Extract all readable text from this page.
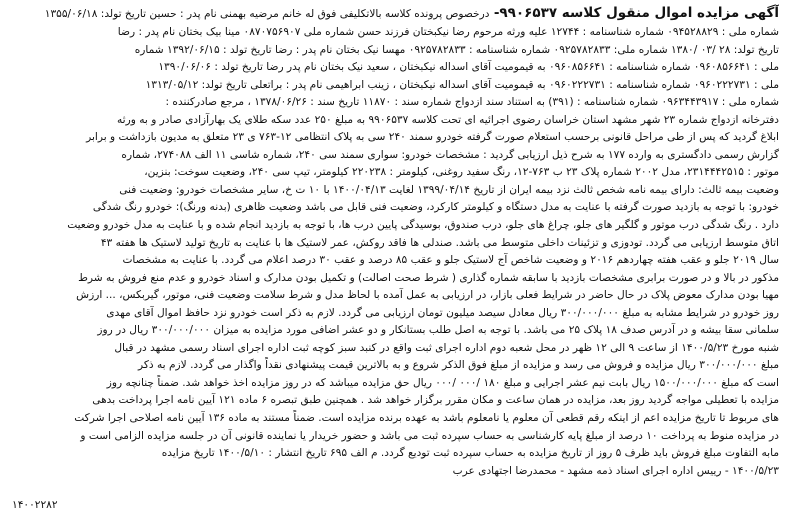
آگهی مزایده اموال منقول کلاسه ۹۹۰۶۵۳۷- درخصوص پرونده کلاسه بالاتکلیفی فوق له خانم مرضیه بهمنی نام پدر : حسین تاریخ تولد: ۱۳۵۵/۰۶/۱۸
شماره ملی : ۰۹۴۵۲۸۸۲۹ شماره شناسنامه : ۱۲۷۴۴ علیه ورثه مرحوم رضا نیکبختان فرزند حسن شماره ملی ۰۸۷۰۷۵۶۹۰۷ مینا بیک بختان نام پدر : رضا
تاریخ تولد: ۲۸ /۰۳ /۱۳۸۰ شماره ملی: ۰۹۲۵۷۸۲۸۳۳ شماره شناسنامه : ۰۹۲۵۷۸۲۸۳۳ مهسا نیک بختان نام پدر : رضا تاریخ تولد : ۱۳۹۲/۰۶/۱۵ شماره
ملی : ۰۹۶۰۸۵۶۶۴۱ شماره شناسنامه : ۰۹۶۰۸۵۶۶۴۱ به قیمومیت آقای اسداله نیکبختان ، سعید نیک بختان نام پدر رضا تاریخ تولد : ۱۳۹۰/۰۶/۰۶
ملی : ۰۹۶۰۲۲۲۷۳۱ شماره شناسنامه : ۰۹۶۰۲۲۲۷۳۱ به قیمومیت آقای اسداله نیکبختان ، زینب ابراهیمی نام پدر : براتعلی تاریخ تولد: ۱۳۱۳/۰۵/۱۲
شماره ملی : ۰۹۶۳۴۴۳۹۱۷ شماره شناسنامه : (۳۹۱) به استناد سند ازدواج شماره سند : ۱۱۸۷۰ تاریخ سند : ۱۳۷۸/۰۶/۲۶ ، مرجع صادرکننده :
دفترخانه ازدواج شماره ۲۳ شهر مشهد استان خراسان رضوی اجرائیه ای تحت کلاسه ۹۹۰۶۵۳۷ به مبلغ ۲۵۰ عدد سکه طلای یک بهارآزادی صادر و به ورثه
ابلاغ گردید که پس از طی مراحل قانونی برحسب استعلام صورت گرفته خودرو سمند ۲۴۰ سی به پلاک انتظامی ۱۲-۷۶۳ ی ۲۳ متعلق به مدیون بازداشت و برابر
گزارش رسمی دادگستری به وارده ۱۷۷ به شرح ذیل ارزیابی گردید : مشخصات خودرو: سواری سمند سی ۲۴۰، شماره شاسی ۱۱ الف ۲۷۴۰۸۸، شماره
موتور : ۲۳۱۴۴۴۲۵۱۵، مدل ۲۰۰۲ شماره پلاک ۲۳ ب ۷۶۳-۱۲، رنگ سفید روغنی، کیلومتر : ۲۲۰۲۳۸ کیلومتر، تیپ سی ۲۴۰، وضعیت سوخت: بنزین،
وضعیت بیمه ثالث: دارای بیمه نامه شخص ثالث نزد بیمه ایران از تاریخ ۱۳۹۹/۰۴/۱۴ لغایت ۱۴۰۰/۰۴/۱۳ با ۱۰ ت خ، سایر مشخصات خودرو: وضعیت فنی
خودرو: با توجه به بازدید صورت گرفته با عنایت به مدل دستگاه و کیلومتر کارکرد، وضعیت فنی قابل می باشد وضعیت ظاهری (بدنه ورنگ): خودرو رنگ شدگی
دارد . رنگ شدگی درب موتور و گلگیر های جلو، چراغ های جلو، درب صندوق، بوسیدگی پایین درب ها، با توجه به بازدید انجام شده و با عنایت به مدل خودرو وضعیت
اتاق متوسط ارزیابی می گردد. تودوزی و تزئینات داخلی متوسط می باشد. صندلی ها فاقد روکش، عمر لاستیک ها با عنایت به تاریخ تولید لاستیک ها هفته ۴۳
سال ۲۰۱۹ جلو و عقب هفته چهاردهم ۲۰۱۶ و وضعیت شاخص آج لاستیک جلو و عقب ۸۵ درصد و عقب ۳۰ درصد اعلام می گردد. با عنایت به مشخصات
مذکور در بالا و در صورت برابری مشخصات بازدید با سابقه شماره گذاری ( شرط صحت اصالت) و تکمیل بودن مدارک و اسناد خودرو و عدم منع فروش به شرط
مهیا بودن مدارک معوض پلاک در حال حاضر در شرایط فعلی بازار، در ارزیابی به عمل آمده با لحاظ مدل و شرط سلامت وضعیت فنی، موتور، گیربکس، ... ارزش
روز خودرو در شرایط مشابه به مبلغ ۳۰۰/۰۰۰/۰۰۰ ریال معادل سیصد میلیون تومان ارزیابی می گردد. لازم به ذکر است خودرو نزد حافظ اموال آقای مهدی
سلمانی سقا بیشه و در آدرس صدف ۱۸ پلاک ۲۵ می باشد. با توجه به اصل طلب بستانکار و دو عشر اضافی مورد مزایده به میزان ۳۰۰/۰۰۰/۰۰۰ ریال در روز
شنبه مورخ ۱۴۰۰/۵/۲۳ از ساعت ۹ الی ۱۲ ظهر در محل شعبه دوم اداره اجرای ثبت واقع در کنبد سبز کوچه ثبت اداره اجرای اسناد رسمی مشهد در قبال
مبلغ ۳۰۰/۰۰۰/۰۰۰ ریال مزایده و فروش می رسد و مزایده از مبلغ فوق الذکر شروع و به بالاترین قیمت پیشنهادی نقداً واگذار می گردد. لازم به ذکر
است که مبلغ ۱۵۰۰/۰۰۰/۰۰۰ ریال بابت نیم عشر اجرایی و مبلغ ۱۸۰ /۰۰۰ /۰۰۰ ریال حق مزایده میباشد که در روز مزایده اخذ خواهد شد. ضمناً چنانچه روز
مزایده با تعطیلی مواجه گردید روز بعد، مزایده در همان ساعت و مکان مقرر برگزار خواهد شد . همچنین طبق تبصره ۶ ماده ۱۲۱ آیین نامه اجرا پرداخت بدهی
های مربوط تا تاریخ مزایده اعم از اینکه رقم قطعی آن معلوم یا نامعلوم باشد به عهده برنده مزایده است. ضمناً مستند به ماده ۱۳۶ آیین نامه اصلاحی اجرا شرکت
در مزایده منوط به پرداخت ۱۰ درصد از مبلغ پایه کارشناسی به حساب سپرده ثبت می باشد و حضور خریدار یا نماینده قانونی آن در جلسه مزایده الزامی است و
مابه التفاوت مبلغ فروش باید ظرف ۵ روز از تاریخ مزایده به حساب سپرده ثبت تودیع گردد. م الف ۶۹۵ تاریخ انتشار : ۱۴۰۰/۵/۱۰ تاریخ مزایده
۱۴۰۰/۵/۲۳ - رییس اداره اجرای اسناد ذمه مشهد - محمدرضا اجتهادی عرب
۱۴۰۰۲۲۸۲
